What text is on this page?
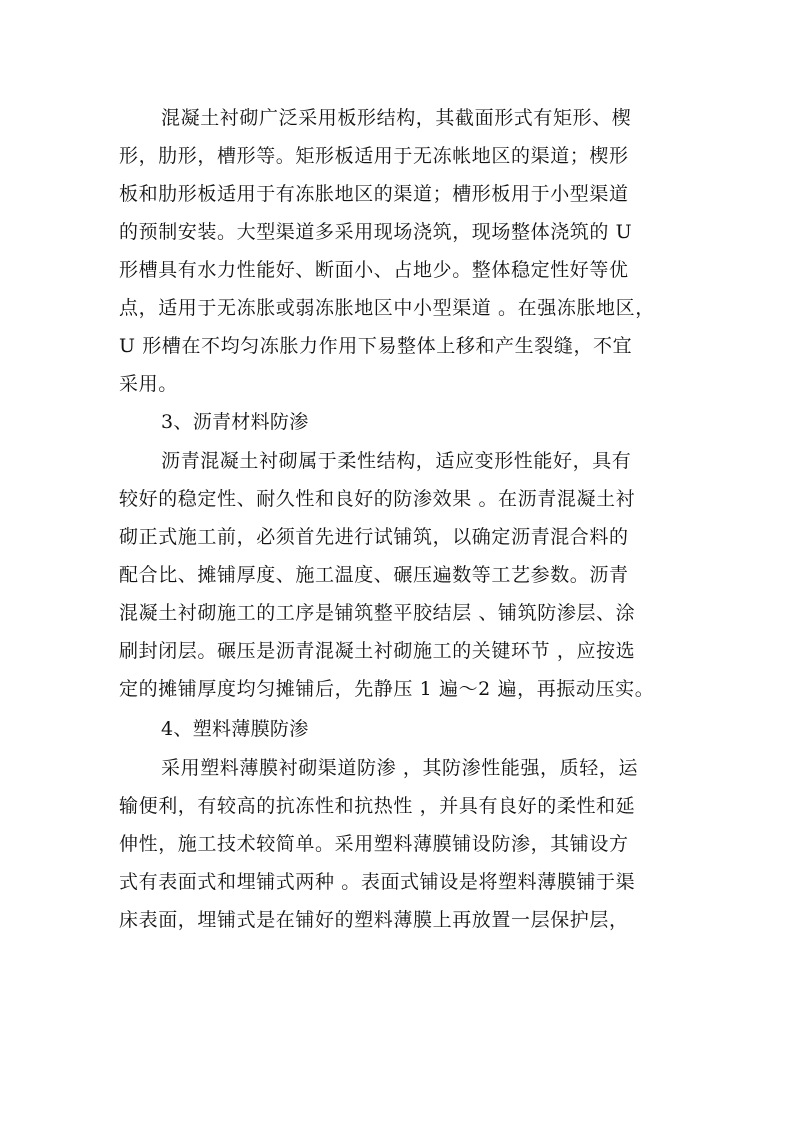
混凝土衬砌广泛采用板形结构，其截面形式有矩形、楔
形，肋形，槽形等。矩形板适用于无冻帐地区的渠道；楔形
板和肋形板适用于有冻胀地区的渠道；槽形板用于小型渠道
的预制安装。大型渠道多采用现场浇筑，现场整体浇筑的 U
形槽具有水力性能好、断面小、占地少。整体稳定性好等优
点，适用于无冻胀或弱冻胀地区中小型渠道 。在强冻胀地区，
U 形槽在不均匀冻胀力作用下易整体上移和产生裂缝，不宜
采用。
3、沥青材料防渗
沥青混凝土衬砌属于柔性结构，适应变形性能好，具有
较好的稳定性、耐久性和良好的防渗效果 。在沥青混凝土衬
砌正式施工前，必须首先进行试铺筑，以确定沥青混合料的
配合比、摊铺厚度、施工温度、碾压遍数等工艺参数。沥青
混凝土衬砌施工的工序是铺筑整平胶结层 、铺筑防渗层、涂
刷封闭层。碾压是沥青混凝土衬砌施工的关键环节 ，应按选
定的摊铺厚度均匀摊铺后，先静压 1 遍～2 遍，再振动压实。
4、塑料薄膜防渗
采用塑料薄膜衬砌渠道防渗 ，其防渗性能强，质轻，运
输便利，有较高的抗冻性和抗热性 ，并具有良好的柔性和延
伸性，施工技术较简单。采用塑料薄膜铺设防渗，其铺设方
式有表面式和埋铺式两种 。表面式铺设是将塑料薄膜铺于渠
床表面，埋铺式是在铺好的塑料薄膜上再放置一层保护层，
